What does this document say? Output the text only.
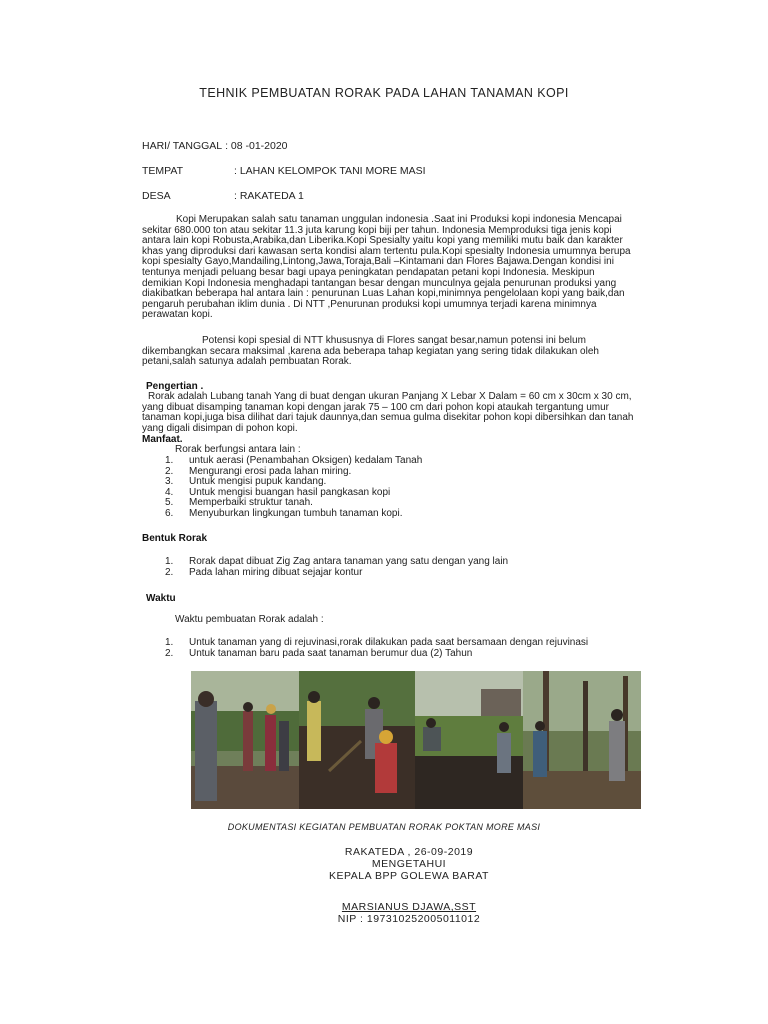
TEHNIK PEMBUATAN RORAK PADA LAHAN TANAMAN KOPI
HARI/ TANGGAL : 08 -01-2020
TEMPAT	: LAHAN KELOMPOK TANI MORE MASI
DESA	: RAKATEDA 1
Kopi Merupakan salah satu tanaman unggulan indonesia .Saat ini Produksi kopi indonesia Mencapai sekitar 680.000 ton atau sekitar 11.3 juta karung kopi biji per tahun. Indonesia Memproduksi tiga jenis kopi antara lain kopi Robusta,Arabika,dan Liberika.Kopi Spesialty yaitu kopi yang memiliki mutu baik dan karakter khas yang diproduksi dari kawasan serta kondisi alam tertentu pula.Kopi spesialty Indonesia umumnya berupa kopi spesialty Gayo,Mandailing,Lintong,Jawa,Toraja,Bali –Kintamani dan Flores Bajawa.Dengan kondisi ini tentunya menjadi peluang besar bagi upaya peningkatan pendapatan petani kopi Indonesia. Meskipun demikian Kopi Indonesia menghadapi tantangan besar dengan munculnya gejala penurunan produksi yang diakibatkan beberapa hal antara lain : penurunan Luas Lahan kopi,minimnya pengelolaan kopi yang baik,dan pengaruh perubahan iklim dunia . Di NTT ,Penurunan produksi kopi umumnya terjadi karena minimnya perawatan kopi.
Potensi kopi spesial di NTT khususnya di Flores sangat besar,namun potensi ini belum dikembangkan secara maksimal ,karena ada beberapa tahap kegiatan yang sering tidak dilakukan oleh petani,salah satunya adalah pembuatan Rorak.
Pengertian .
Rorak adalah Lubang tanah Yang di buat dengan ukuran Panjang X Lebar X Dalam = 60 cm x 30cm x 30 cm, yang dibuat disamping tanaman kopi dengan jarak 75 – 100 cm dari pohon kopi ataukah tergantung umur tanaman kopi,juga bisa dilihat dari tajuk daunnya,dan semua gulma disekitar pohon kopi dibersihkan dan tanah yang digali disimpan di pohon kopi.
Manfaat.
Rorak berfungsi antara lain :
1.	untuk aerasi (Penambahan Oksigen) kedalam Tanah
2.	Mengurangi erosi pada lahan miring.
3.	Untuk mengisi pupuk kandang.
4.	Untuk mengisi buangan hasil pangkasan kopi
5.	Memperbaiki struktur tanah.
6.	Menyuburkan lingkungan tumbuh tanaman kopi.
Bentuk Rorak
1.	Rorak dapat dibuat Zig Zag antara tanaman yang satu dengan yang lain
2.	Pada lahan miring dibuat sejajar kontur
Waktu
Waktu pembuatan Rorak adalah :
1.	Untuk tanaman yang di rejuvinasi,rorak dilakukan pada saat bersamaan dengan rejuvinasi
2.	Untuk tanaman baru pada saat tanaman berumur dua (2) Tahun
DOKUMENTASI KEGIATAN PEMBUATAN RORAK POKTAN MORE MASI
RAKATEDA , 26-09-2019
MENGETAHUI
KEPALA BPP GOLEWA BARAT
MARSIANUS DJAWA,SST
NIP : 197310252005011012
